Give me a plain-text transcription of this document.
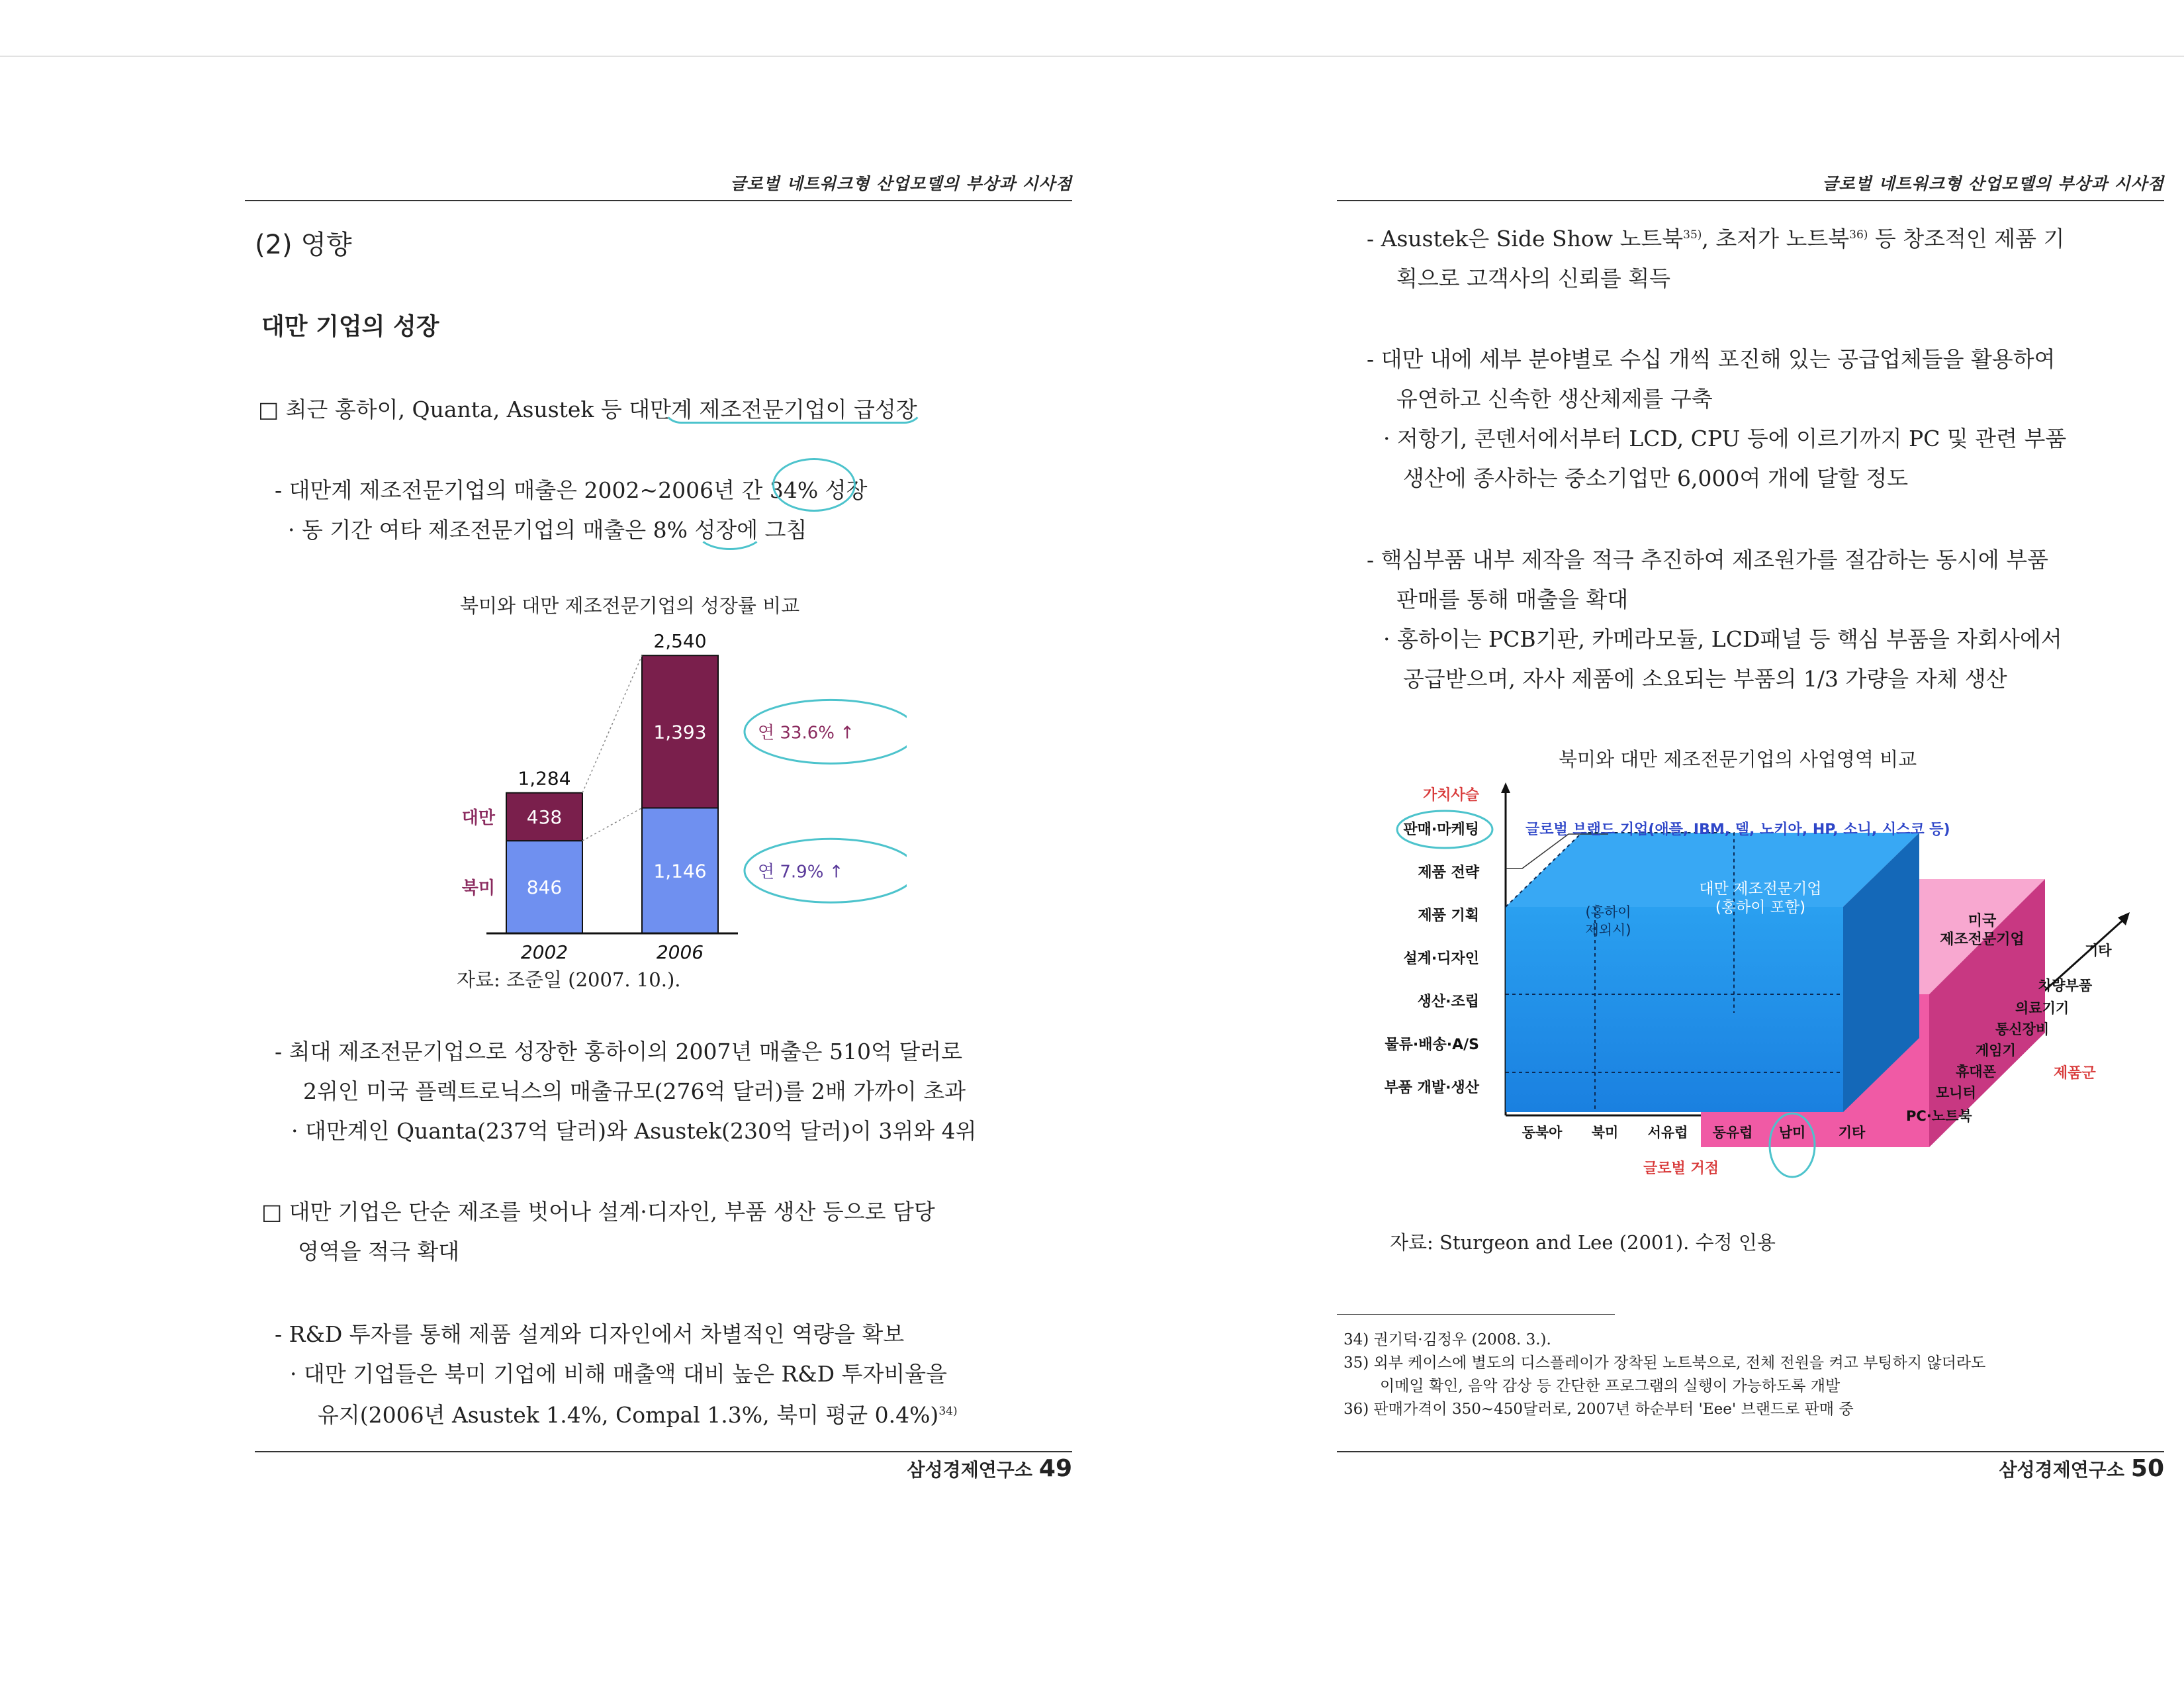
글로벌 네트워크형 산업모델의 부상과 시사점
(2) 영향
대만 기업의 성장
□ 최근 홍하이, Quanta, Asustek 등 대만계 제조전문기업이 급성장
- 대만계 제조전문기업의 매출은 2002~2006년 간 34% 성장
· 동 기간 여타 제조전문기업의 매출은 8% 성장에 그침
북미와 대만 제조전문기업의 성장률 비교
846
438
1,284
2002
1,146
1,393
2,540
2006
대만
북미
연 33.6% ↑
연 7.9% ↑
자료: 조준일 (2007. 10.).
- 최대 제조전문기업으로 성장한 홍하이의 2007년 매출은 510억 달러로
2위인 미국 플렉트로닉스의 매출규모(276억 달러)를 2배 가까이 초과
· 대만계인 Quanta(237억 달러)와 Asustek(230억 달러)이 3위와 4위
□ 대만 기업은 단순 제조를 벗어나 설계·디자인, 부품 생산 등으로 담당
영역을 적극 확대
- R&D 투자를 통해 제품 설계와 디자인에서 차별적인 역량을 확보
· 대만 기업들은 북미 기업에 비해 매출액 대비 높은 R&D 투자비율을
유지(2006년 Asustek 1.4%, Compal 1.3%, 북미 평균 0.4%)$^{34)}$
삼성경제연구소 49
글로벌 네트워크형 산업모델의 부상과 시사점
- Asustek은 Side Show 노트북$^{35)}$, 초저가 노트북$^{36)}$ 등 창조적인 제품 기
획으로 고객사의 신뢰를 획득
- 대만 내에 세부 분야별로 수십 개씩 포진해 있는 공급업체들을 활용하여
유연하고 신속한 생산체제를 구축
· 저항기, 콘덴서에서부터 LCD, CPU 등에 이르기까지 PC 및 관련 부품
생산에 종사하는 중소기업만 6,000여 개에 달할 정도
- 핵심부품 내부 제작을 적극 추진하여 제조원가를 절감하는 동시에 부품
판매를 통해 매출을 확대
· 홍하이는 PCB기판, 카메라모듈, LCD패널 등 핵심 부품을 자회사에서
공급받으며, 자사 제품에 소요되는 부품의 1/3 가량을 자체 생산
북미와 대만 제조전문기업의 사업영역 비교
가치사슬
판매·마케팅
제품 전략
제품 기획
설계·디자인
생산·조립
물류·배송·A/S
부품 개발·생산
글로벌 브랜드 기업(애플, IBM, 델, 노키아, HP, 소니, 시스코 등)
대만 제조전문기업
(홍하이 포함)
(홍하이
제외시)
미국
제조전문기업
동북아 북미 서유럽 동유럽 남미 기타
글로벌 거점
PC·노트북
모니터
휴대폰
게임기
통신장비
의료기기
차량부품
기타
제품군
자료: Sturgeon and Lee (2001). 수정 인용
34) 권기덕·김정우 (2008. 3.).
35) 외부 케이스에 별도의 디스플레이가 장착된 노트북으로, 전체 전원을 켜고 부팅하지 않더라도
이메일 확인, 음악 감상 등 간단한 프로그램의 실행이 가능하도록 개발
36) 판매가격이 350~450달러로, 2007년 하순부터 'Eee' 브랜드로 판매 중
삼성경제연구소 50
